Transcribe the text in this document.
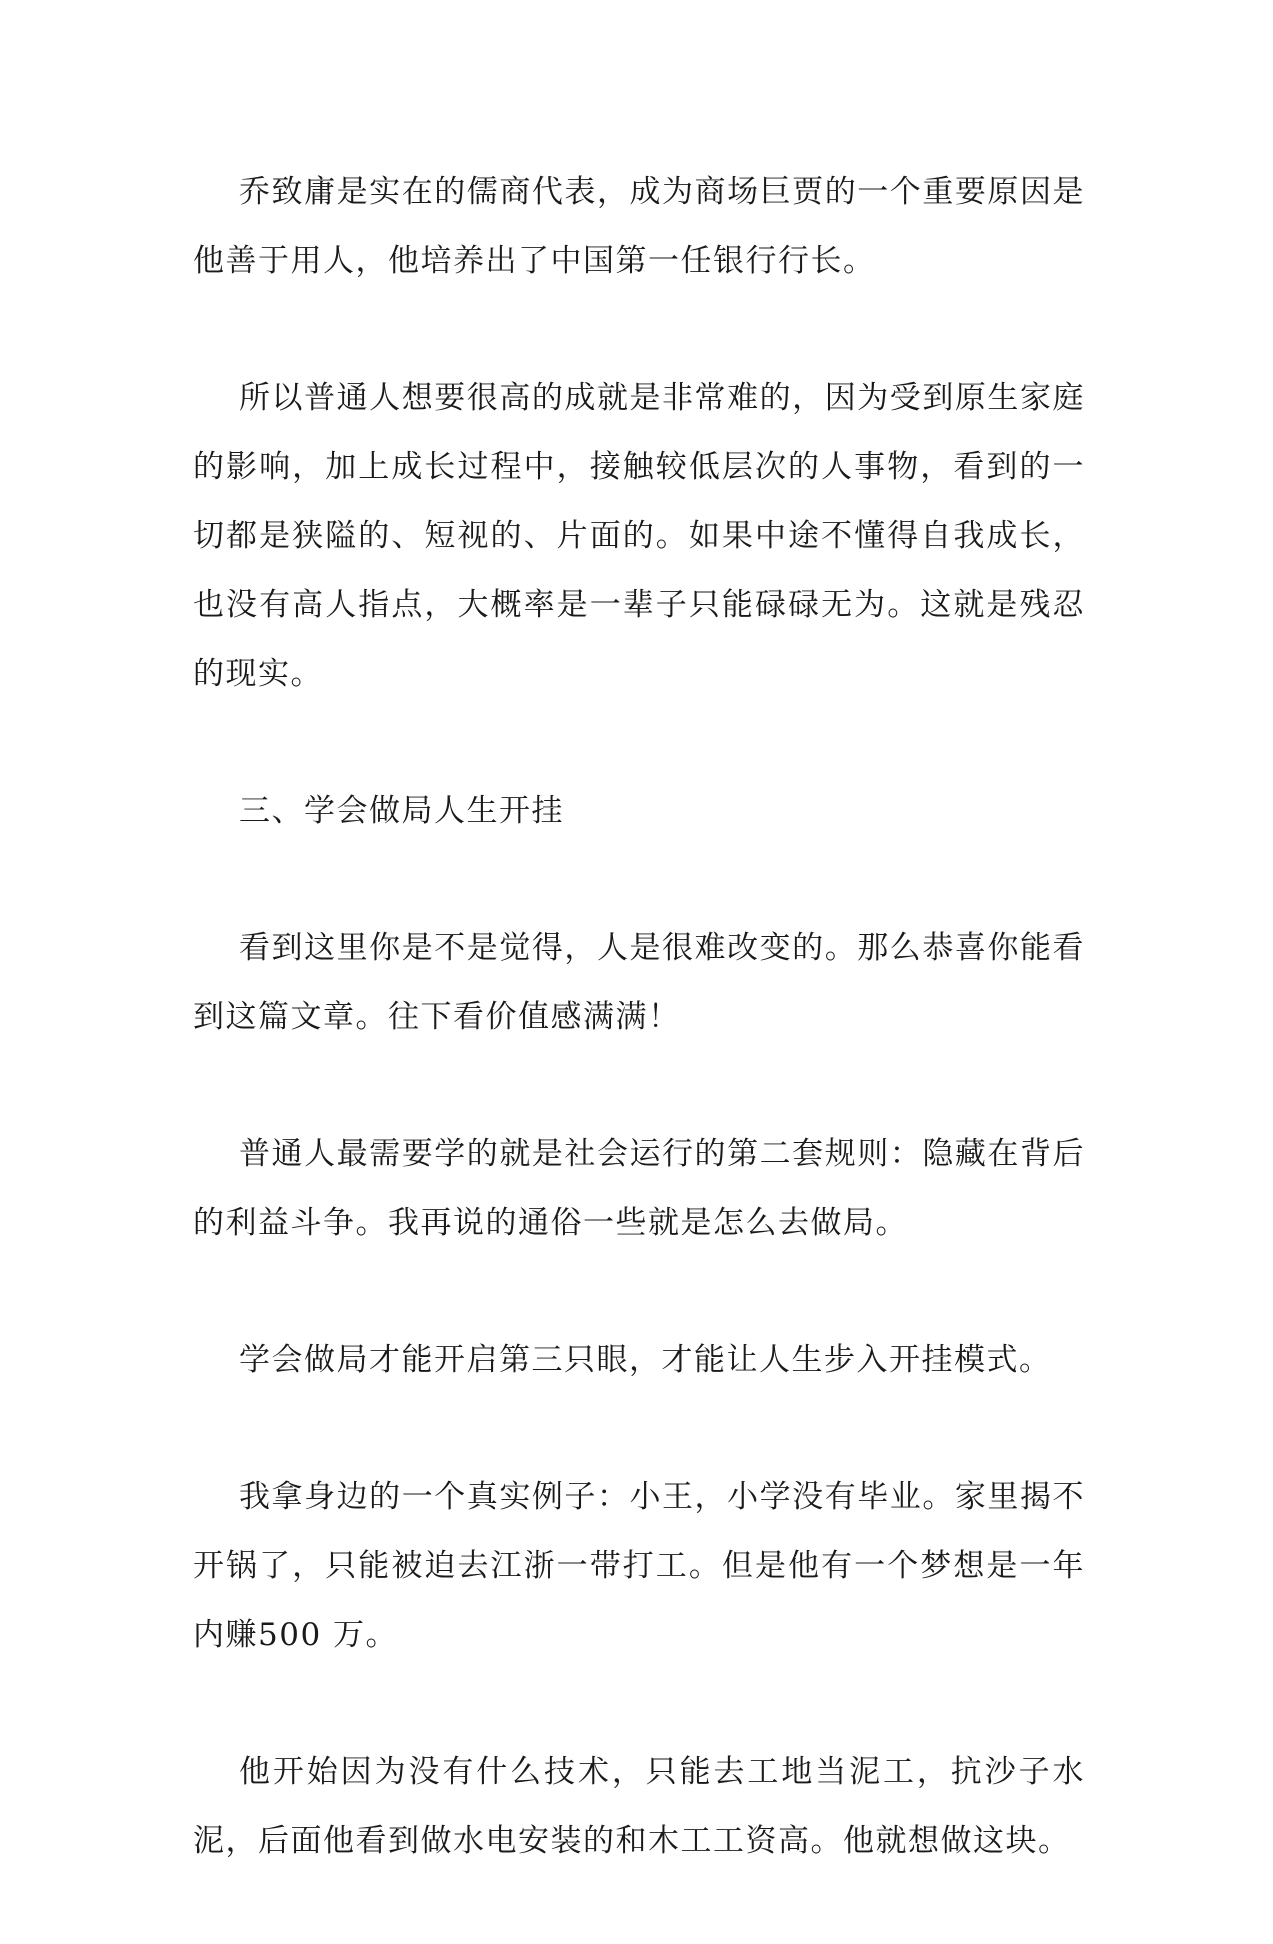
乔致庸是实在的儒商代表，成为商场巨贾的一个重要原因是他善于用人，他培养出了中国第一任银行行长。

所以普通人想要很高的成就是非常难的，因为受到原生家庭的影响，加上成长过程中，接触较低层次的人事物，看到的一切都是狭隘的、短视的、片面的。如果中途不懂得自我成长，也没有高人指点，大概率是一辈子只能碌碌无为。这就是残忍的现实。

三、学会做局人生开挂

看到这里你是不是觉得，人是很难改变的。那么恭喜你能看到这篇文章。往下看价值感满满！

普通人最需要学的就是社会运行的第二套规则：隐藏在背后的利益斗争。我再说的通俗一些就是怎么去做局。

学会做局才能开启第三只眼，才能让人生步入开挂模式。

我拿身边的一个真实例子：小王，小学没有毕业。家里揭不开锅了，只能被迫去江浙一带打工。但是他有一个梦想是一年内赚500 万。

他开始因为没有什么技术，只能去工地当泥工，抗沙子水泥，后面他看到做水电安装的和木工工资高。他就想做这块。
